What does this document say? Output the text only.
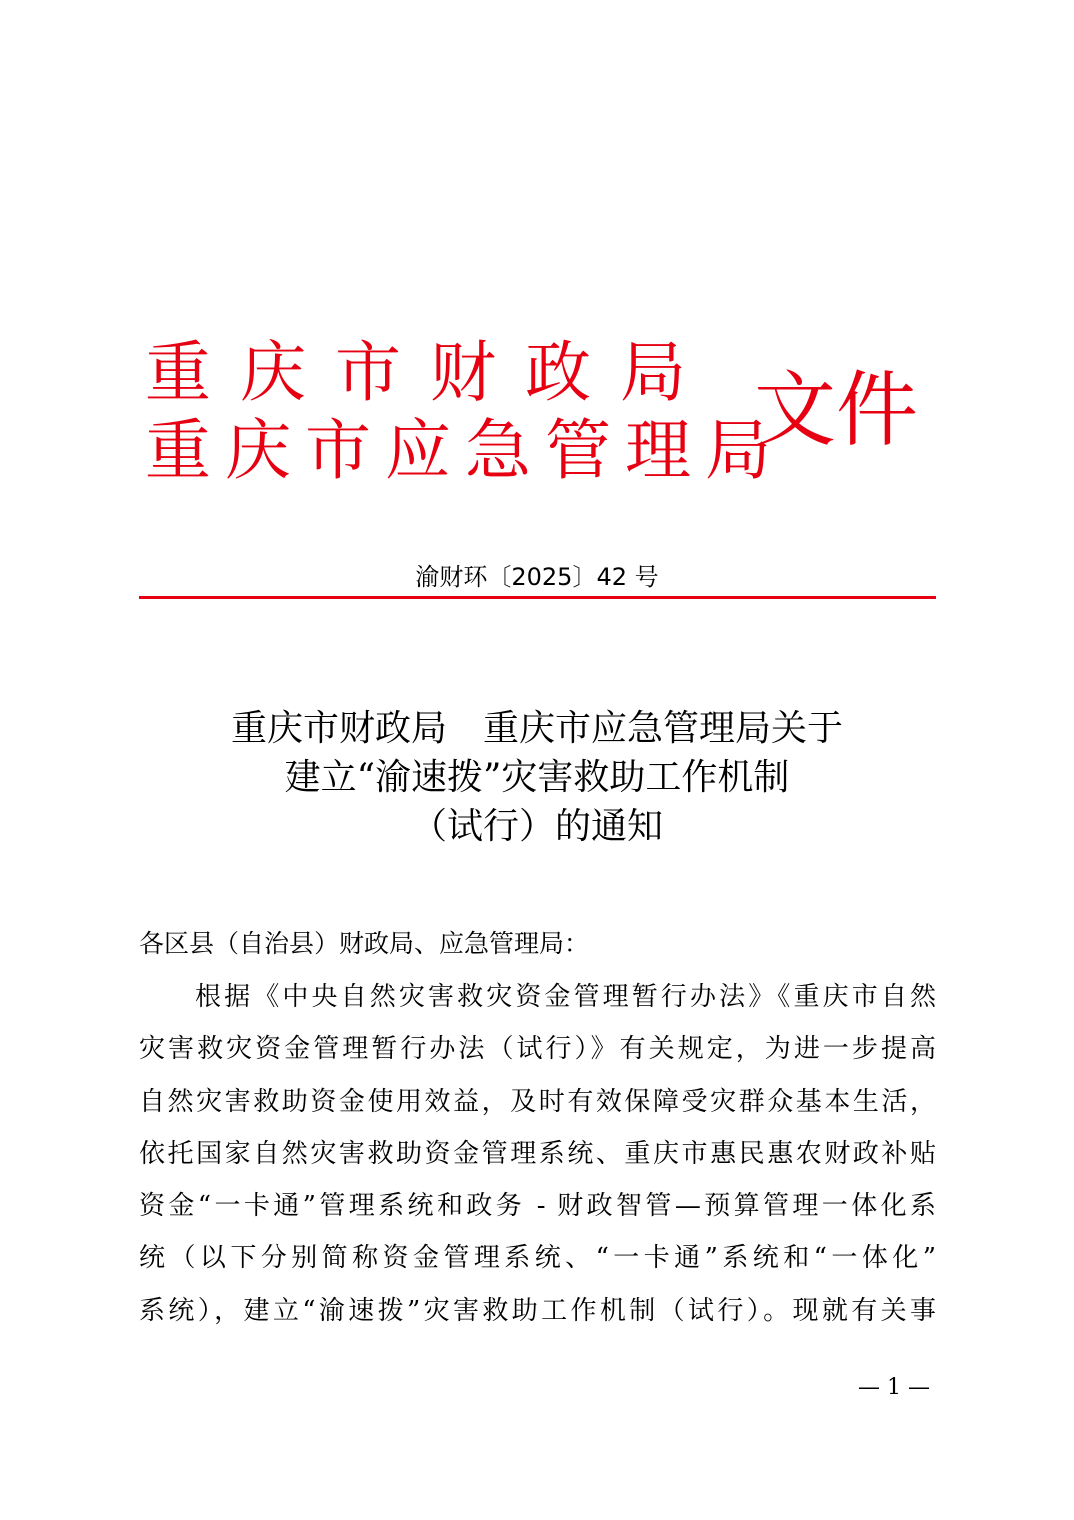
重庆市财政局
重庆市应急管理局
文件
渝财环〔2025〕42 号
重庆市财政局　重庆市应急管理局关于
建立“渝速拨”灾害救助工作机制
（试行）的通知
各区县（自治县）财政局、应急管理局：
根据《中央自然灾害救灾资金管理暂行办法》《重庆市自然
灾害救灾资金管理暂行办法（试行）》有关规定，为进一步提高
自然灾害救助资金使用效益，及时有效保障受灾群众基本生活，
依托国家自然灾害救助资金管理系统、重庆市惠民惠农财政补贴
资金“一卡通”管理系统和政务 - 财政智管—预算管理一体化系
统（以下分别简称资金管理系统、“一卡通”系统和“一体化”
系统），建立“渝速拨”灾害救助工作机制（试行）。现就有关事
— 1 —
